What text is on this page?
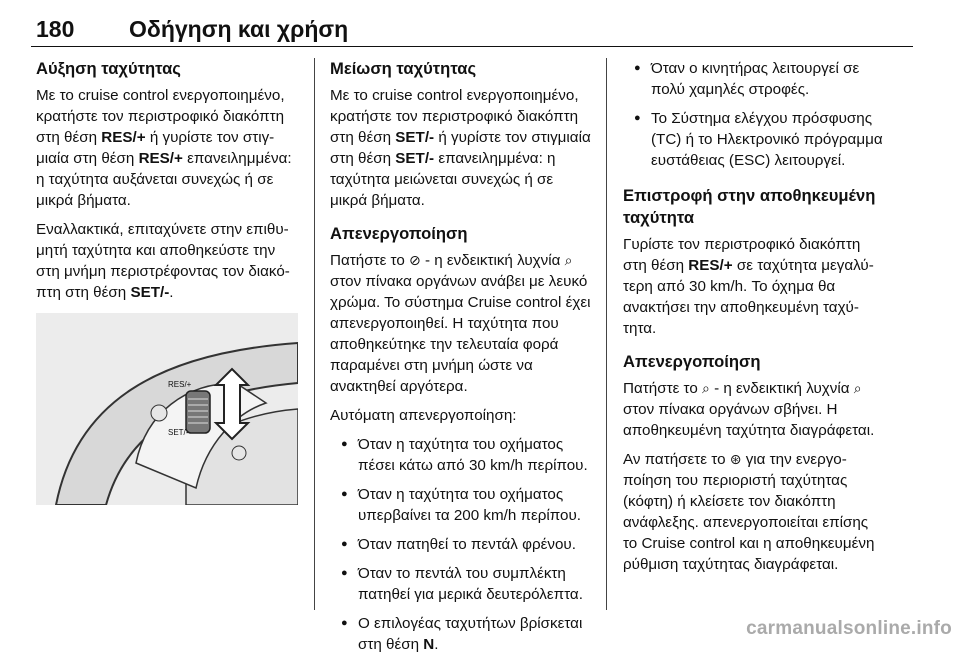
180 Οδήγηση και χρήση
Αύξηση ταχύτητας

Με το cruise control ενεργοποιημένο, κρατήστε τον περιστροφικό διακόπτη στη θέση RES/+ ή γυρίστε τον στιγμιαία στη θέση RES/+ επανειλημμένα: η ταχύτητα αυξάνεται συνεχώς ή σε μικρά βήματα.

Εναλλακτικά, επιταχύνετε στην επιθυμητή ταχύτητα και αποθηκεύστε την στη μνήμη περιστρέφοντας τον διακόπτη στη θέση SET/-.

RES/+
SET/-
Μείωση ταχύτητας

Με το cruise control ενεργοποιημένο, κρατήστε τον περιστροφικό διακόπτη στη θέση SET/- ή γυρίστε τον στιγμιαία στη θέση SET/- επανειλημμένα: η ταχύτητα μειώνεται συνεχώς ή σε μικρά βήματα.

Απενεργοποίηση

Πατήστε το ⊘ - η ενδεικτική λυχνία ⌕ στον πίνακα οργάνων ανάβει με λευκό χρώμα. Το σύστημα Cruise control έχει απενεργοποιηθεί. Η ταχύτητα που αποθηκεύτηκε την τελευταία φορά παραμένει στη μνήμη ώστε να ανακτηθεί αργότερα.

Αυτόματη απενεργοποίηση:

● Όταν η ταχύτητα του οχήματος πέσει κάτω από 30 km/h περίπου.
● Όταν η ταχύτητα του οχήματος υπερβαίνει τα 200 km/h περίπου.
● Όταν πατηθεί το πεντάλ φρένου.
● Όταν το πεντάλ του συμπλέκτη πατηθεί για μερικά δευτερόλεπτα.
● Ο επιλογέας ταχυτήτων βρίσκεται στη θέση N.
● Όταν ο κινητήρας λειτουργεί σε πολύ χαμηλές στροφές.
● Το Σύστημα ελέγχου πρόσφυσης (TC) ή το Ηλεκτρονικό πρόγραμμα ευστάθειας (ESC) λειτουργεί.
Επιστροφή στην αποθηκευμένη ταχύτητα

Γυρίστε τον περιστροφικό διακόπτη στη θέση RES/+ σε ταχύτητα μεγαλύτερη από 30 km/h. Το όχημα θα ανακτήσει την αποθηκευμένη ταχύτητα.

Απενεργοποίηση

Πατήστε το ⌕ - η ενδεικτική λυχνία ⌕ στον πίνακα οργάνων σβήνει. Η αποθηκευμένη ταχύτητα διαγράφεται.

Αν πατήσετε το ⊛ για την ενεργοποίηση του περιοριστή ταχύτητας (κόφτη) ή κλείσετε τον διακόπτη ανάφλεξης. απενεργοποιείται επίσης το Cruise control και η αποθηκευμένη ρύθμιση ταχύτητας διαγράφεται.

carmanualsonline.info
